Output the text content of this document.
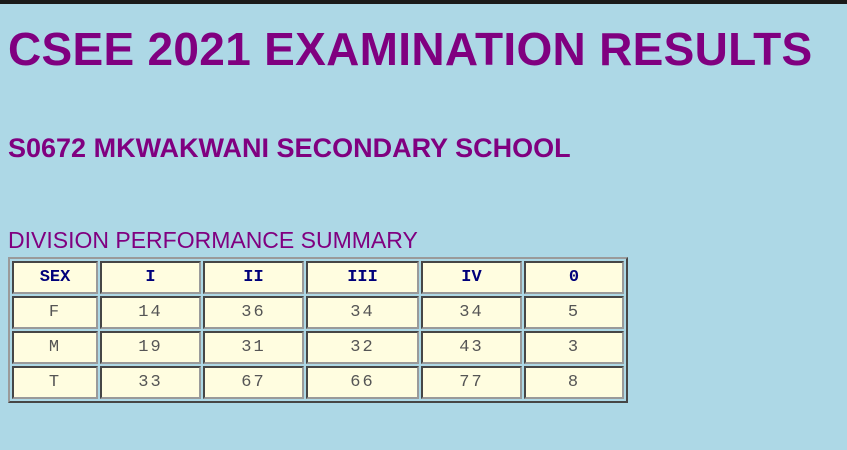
CSEE 2021 EXAMINATION RESULTS
S0672 MKWAKWANI SECONDARY SCHOOL
DIVISION PERFORMANCE SUMMARY
SEX	I	II	III	IV	0
F	14	36	34	34	5
M	19	31	32	43	3
T	33	67	66	77	8
